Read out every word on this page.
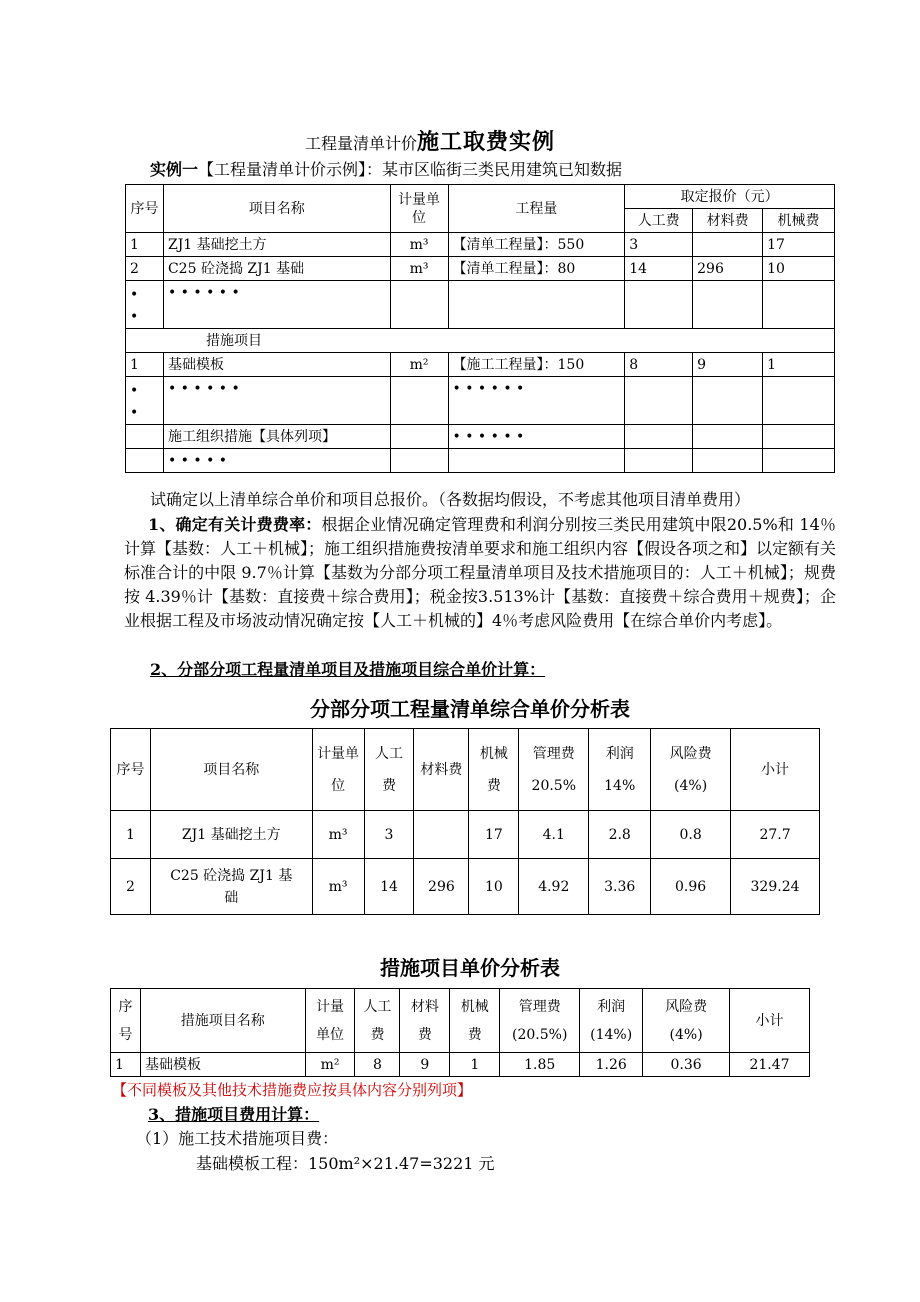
工程量清单计价施工取费实例
实例一【工程量清单计价示例】：某市区临街三类民用建筑已知数据
序号	项目名称	计量单位	工程量	取定报价（元）		
				人工费	材料费	机械费
1	ZJ1 基础挖土方	m³	【清单工程量】：550	3		17
2	C25 砼浇捣 ZJ1 基础	m³	【清单工程量】：80	14	296	10
•
•	• • • • • •					
措施项目						
1	基础模板	m²	【施工工程量】：150	8	9	1
•
•	• • • • • •		• • • • • •			
	施工组织措施【具体列项】		• • • • • •			
	• • • • •					
试确定以上清单综合单价和项目总报价。（各数据均假设，不考虑其他项目清单费用）
1、确定有关计费费率：根据企业情况确定管理费和利润分别按三类民用建筑中限20.5%和 14％计算【基数：人工＋机械】；施工组织措施费按清单要求和施工组织内容【假设各项之和】以定额有关标准合计的中限 9.7％计算【基数为分部分项工程量清单项目及技术措施项目的：人工＋机械】；规费按 4.39％计【基数：直接费＋综合费用】；税金按3.513%计【基数：直接费＋综合费用＋规费】；企业根据工程及市场波动情况确定按【人工＋机械的】4％考虑风险费用【在综合单价内考虑】。
2、分部分项工程量清单项目及措施项目综合单价计算：
分部分项工程量清单综合单价分析表
序号	项目名称	计量单位	人工费	材料费	机械费	管理费 20.5%	利润 14%	风险费 (4%)	小计
1	ZJ1 基础挖土方	m³	3		17	4.1	2.8	0.8	27.7
2	C25 砼浇捣 ZJ1 基础	m³	14	296	10	4.92	3.36	0.96	329.24
措施项目单价分析表
序号	措施项目名称	计量单位	人工费	材料费	机械费	管理费 (20.5%)	利润 (14%)	风险费 (4%)	小计
1	基础模板	m²	8	9	1	1.85	1.26	0.36	21.47
【不同模板及其他技术措施费应按具体内容分别列项】
3、措施项目费用计算：
（1）施工技术措施项目费：
基础模板工程：150m²×21.47=3221 元
